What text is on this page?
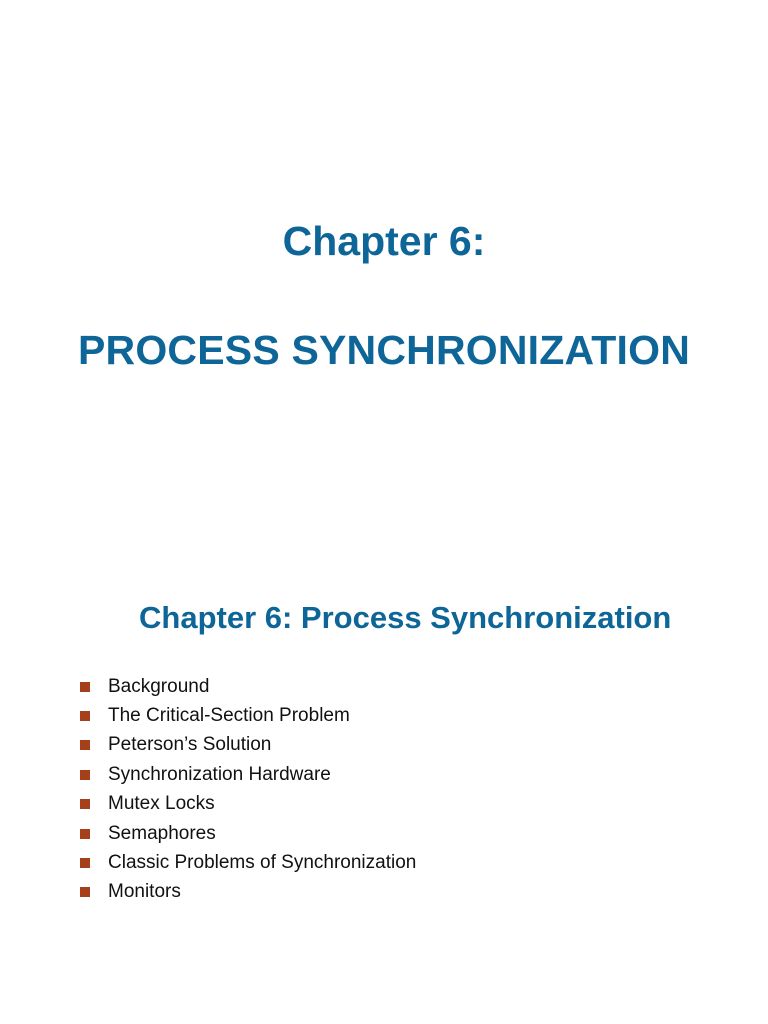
Chapter 6:
PROCESS SYNCHRONIZATION
Chapter 6: Process Synchronization
Background
The Critical-Section Problem
Peterson’s Solution
Synchronization Hardware
Mutex Locks
Semaphores
Classic Problems of Synchronization
Monitors
